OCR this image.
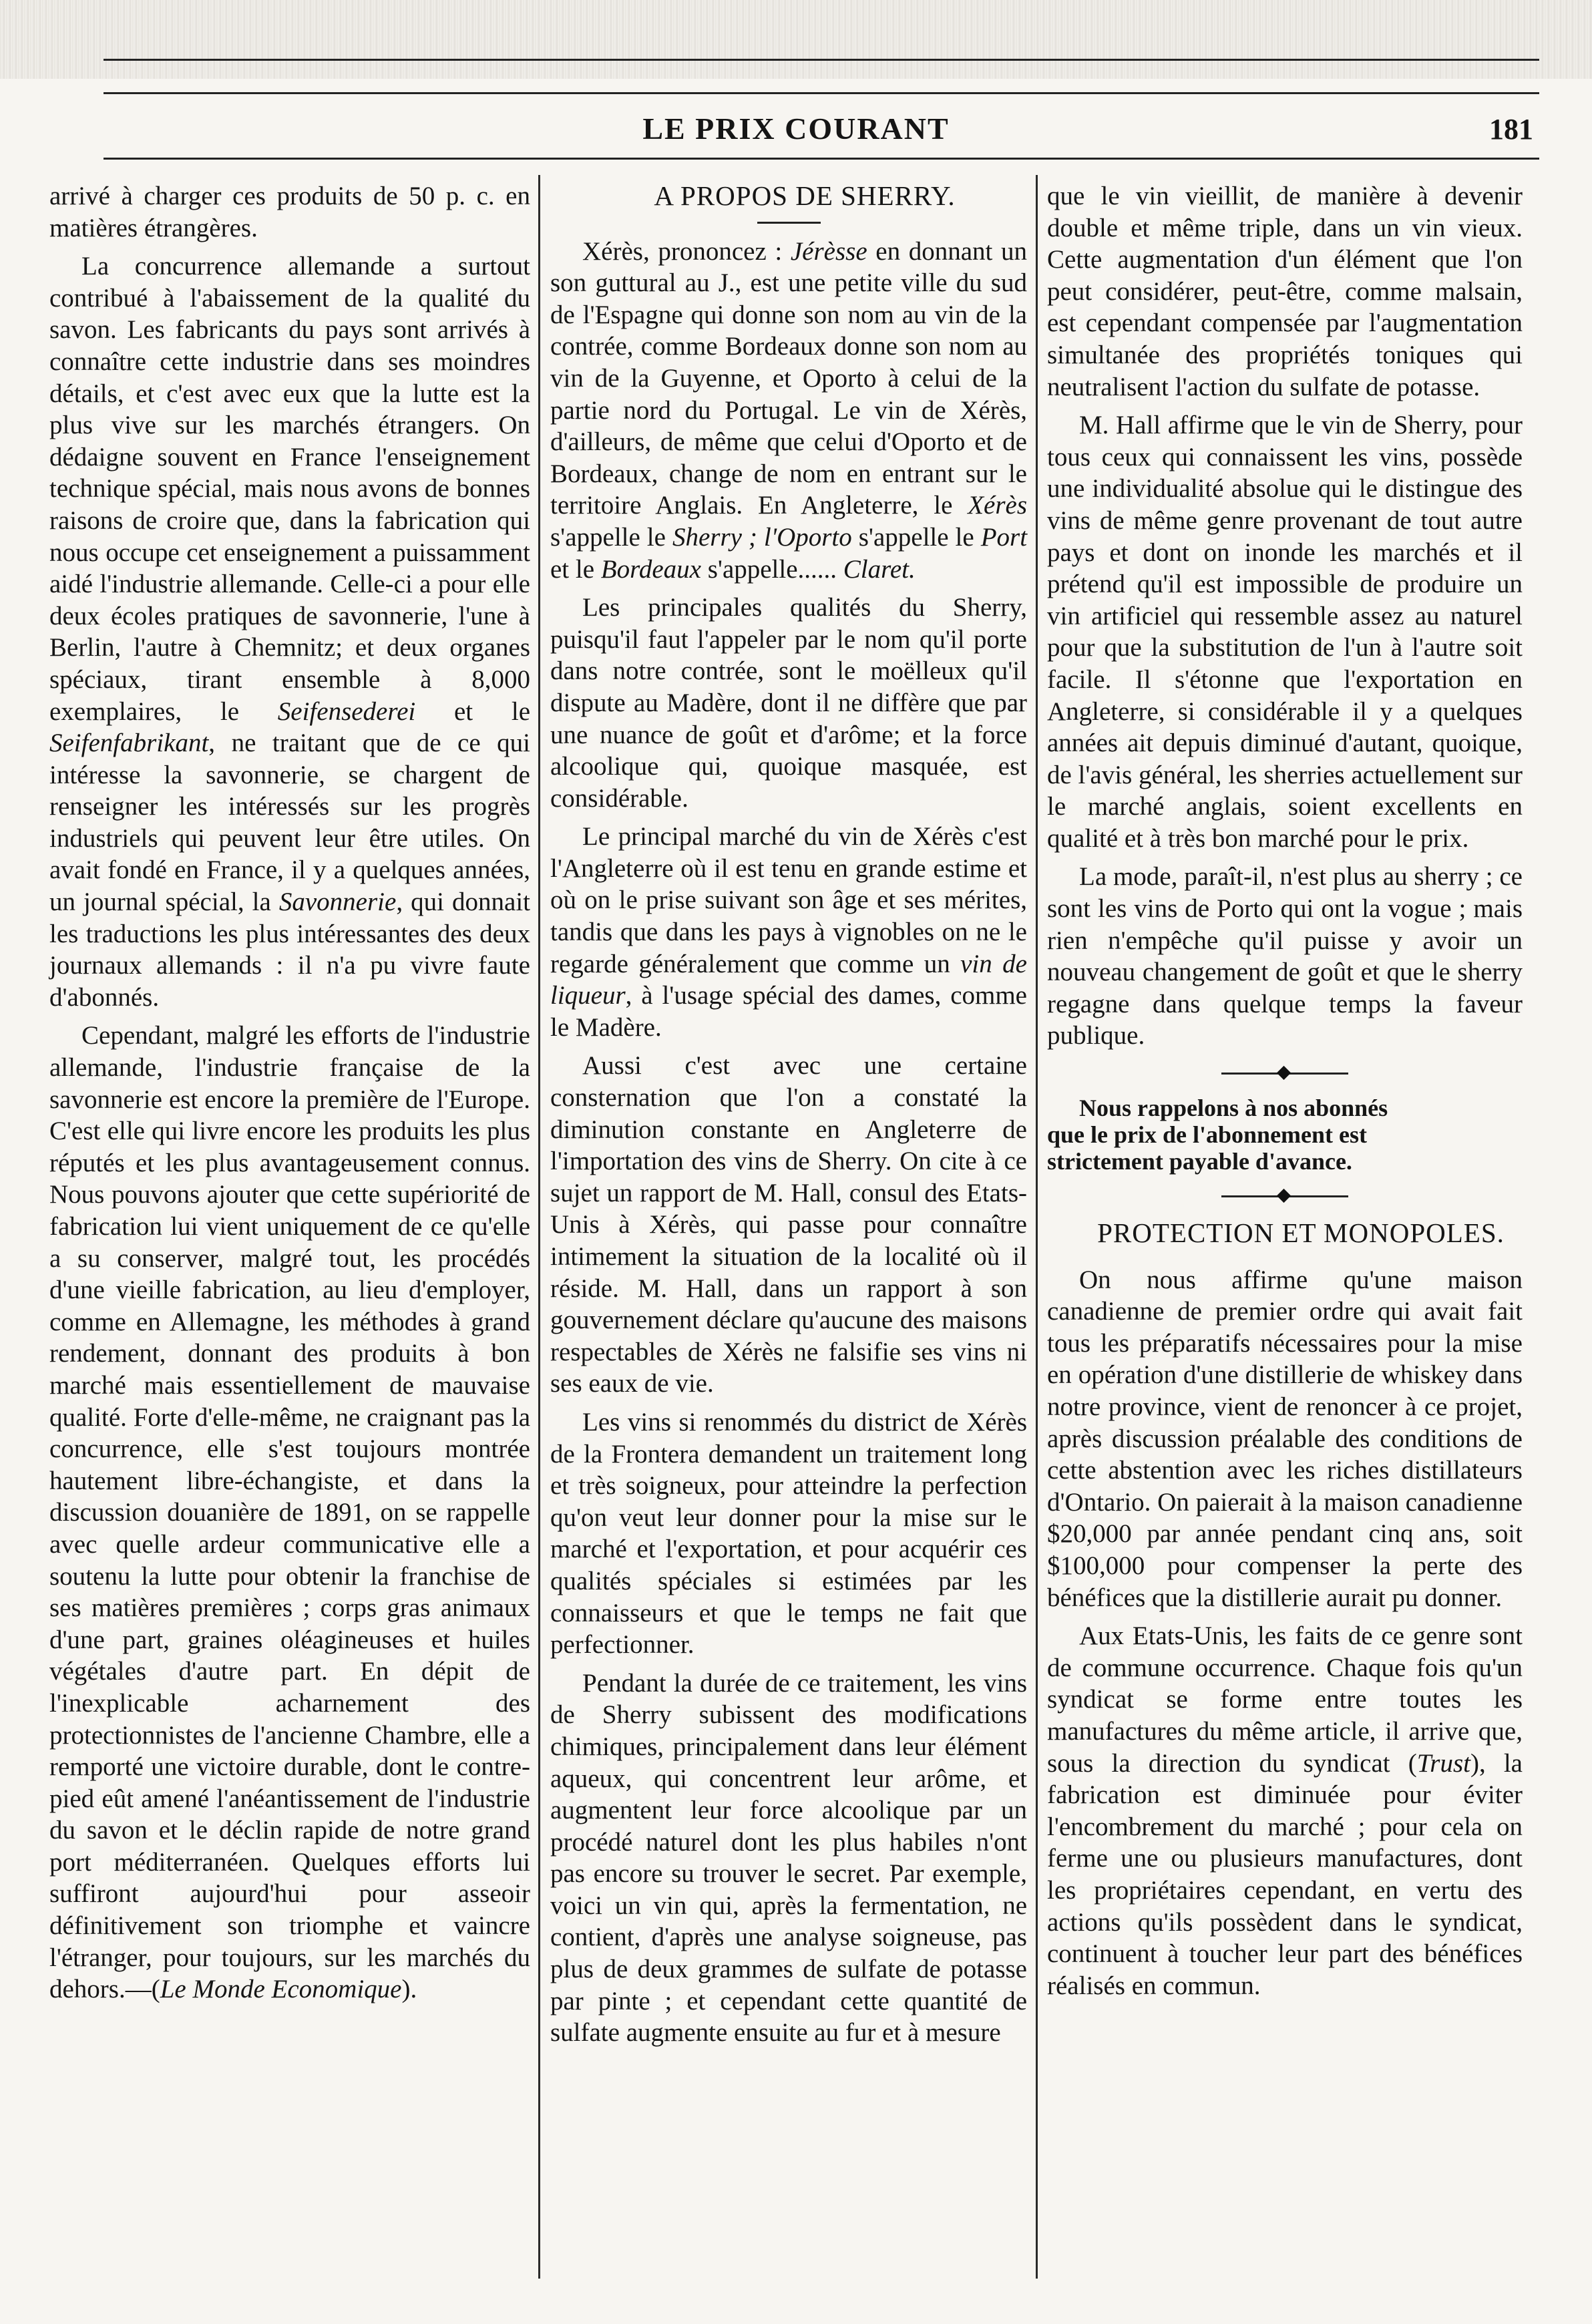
LE PRIX COURANT	181

arrivé à charger ces produits de 50 p. c. en matières étrangères.

La concurrence allemande a surtout contribué à l'abaissement de la qualité du savon. Les fabricants du pays sont arrivés à connaître cette industrie dans ses moindres détails, et c'est avec eux que la lutte est la plus vive sur les marchés étrangers. On dédaigne souvent en France l'enseignement technique spécial, mais nous avons de bonnes raisons de croire que, dans la fabrication qui nous occupe cet enseignement a puissamment aidé l'industrie allemande. Celle-ci a pour elle deux écoles pratiques de savonnerie, l'une à Berlin, l'autre à Chemnitz; et deux organes spéciaux, tirant ensemble à 8,000 exemplaires, le Seifensederei et le Seifenfabrikant, ne traitant que de ce qui intéresse la savonnerie, se chargent de renseigner les intéressés sur les progrès industriels qui peuvent leur être utiles. On avait fondé en France, il y a quelques années, un journal spécial, la Savonnerie, qui donnait les traductions les plus intéressantes des deux journaux allemands : il n'a pu vivre faute d'abonnés.

Cependant, malgré les efforts de l'industrie allemande, l'industrie française de la savonnerie est encore la première de l'Europe. C'est elle qui livre encore les produits les plus réputés et les plus avantageusement connus. Nous pouvons ajouter que cette supériorité de fabrication lui vient uniquement de ce qu'elle a su conserver, malgré tout, les procédés d'une vieille fabrication, au lieu d'employer, comme en Allemagne, les méthodes à grand rendement, donnant des produits à bon marché mais essentiellement de mauvaise qualité. Forte d'elle-même, ne craignant pas la concurrence, elle s'est toujours montrée hautement libre-échangiste, et dans la discussion douanière de 1891, on se rappelle avec quelle ardeur communicative elle a soutenu la lutte pour obtenir la franchise de ses matières premières ; corps gras animaux d'une part, graines oléagineuses et huiles végétales d'autre part. En dépit de l'inexplicable acharnement des protectionnistes de l'ancienne Chambre, elle a remporté une victoire durable, dont le contre-pied eût amené l'anéantissement de l'industrie du savon et le déclin rapide de notre grand port méditerranéen. Quelques efforts lui suffiront aujourd'hui pour asseoir définitivement son triomphe et vaincre l'étranger, pour toujours, sur les marchés du dehors.—(Le Monde Economique).

A PROPOS DE SHERRY.

Xérès, prononcez : Jérèsse en donnant un son guttural au J., est une petite ville du sud de l'Espagne qui donne son nom au vin de la contrée, comme Bordeaux donne son nom au vin de la Guyenne, et Oporto à celui de la partie nord du Portugal. Le vin de Xérès, d'ailleurs, de même que celui d'Oporto et de Bordeaux, change de nom en entrant sur le territoire Anglais. En Angleterre, le Xérès s'appelle le Sherry ; l'Oporto s'appelle le Port et le Bordeaux s'appelle...... Claret.

Les principales qualités du Sherry, puisqu'il faut l'appeler par le nom qu'il porte dans notre contrée, sont le moëlleux qu'il dispute au Madère, dont il ne diffère que par une nuance de goût et d'arôme; et la force alcoolique qui, quoique masquée, est considérable.

Le principal marché du vin de Xérès c'est l'Angleterre où il est tenu en grande estime et où on le prise suivant son âge et ses mérites, tandis que dans les pays à vignobles on ne le regarde généralement que comme un vin de liqueur, à l'usage spécial des dames, comme le Madère.

Aussi c'est avec une certaine consternation que l'on a constaté la diminution constante en Angleterre de l'importation des vins de Sherry. On cite à ce sujet un rapport de M. Hall, consul des Etats-Unis à Xérès, qui passe pour connaître intimement la situation de la localité où il réside. M. Hall, dans un rapport à son gouvernement déclare qu'aucune des maisons respectables de Xérès ne falsifie ses vins ni ses eaux de vie.

Les vins si renommés du district de Xérès de la Frontera demandent un traitement long et très soigneux, pour atteindre la perfection qu'on veut leur donner pour la mise sur le marché et l'exportation, et pour acquérir ces qualités spéciales si estimées par les connaisseurs et que le temps ne fait que perfectionner.

Pendant la durée de ce traitement, les vins de Sherry subissent des modifications chimiques, principalement dans leur élément aqueux, qui concentrent leur arôme, et augmentent leur force alcoolique par un procédé naturel dont les plus habiles n'ont pas encore su trouver le secret. Par exemple, voici un vin qui, après la fermentation, ne contient, d'après une analyse soigneuse, pas plus de deux grammes de sulfate de potasse par pinte ; et cependant cette quantité de sulfate augmente ensuite au fur et à mesure

que le vin vieillit, de manière à devenir double et même triple, dans un vin vieux. Cette augmentation d'un élément que l'on peut considérer, peut-être, comme malsain, est cependant compensée par l'augmentation simultanée des propriétés toniques qui neutralisent l'action du sulfate de potasse.

M. Hall affirme que le vin de Sherry, pour tous ceux qui connaissent les vins, possède une individualité absolue qui le distingue des vins de même genre provenant de tout autre pays et dont on inonde les marchés et il prétend qu'il est impossible de produire un vin artificiel qui ressemble assez au naturel pour que la substitution de l'un à l'autre soit facile. Il s'étonne que l'exportation en Angleterre, si considérable il y a quelques années ait depuis diminué d'autant, quoique, de l'avis général, les sherries actuellement sur le marché anglais, soient excellents en qualité et à très bon marché pour le prix.

La mode, paraît-il, n'est plus au sherry ; ce sont les vins de Porto qui ont la vogue ; mais rien n'empêche qu'il puisse y avoir un nouveau changement de goût et que le sherry regagne dans quelque temps la faveur publique.

Nous rappelons à nos abonnés
que le prix de l'abonnement est
strictement payable d'avance.

PROTECTION ET MONOPOLES.

On nous affirme qu'une maison canadienne de premier ordre qui avait fait tous les préparatifs nécessaires pour la mise en opération d'une distillerie de whiskey dans notre province, vient de renoncer à ce projet, après discussion préalable des conditions de cette abstention avec les riches distillateurs d'Ontario. On paierait à la maison canadienne $20,000 par année pendant cinq ans, soit $100,000 pour compenser la perte des bénéfices que la distillerie aurait pu donner.

Aux Etats-Unis, les faits de ce genre sont de commune occurrence. Chaque fois qu'un syndicat se forme entre toutes les manufactures du même article, il arrive que, sous la direction du syndicat (Trust), la fabrication est diminuée pour éviter l'encombrement du marché ; pour cela on ferme une ou plusieurs manufactures, dont les propriétaires cependant, en vertu des actions qu'ils possèdent dans le syndicat, continuent à toucher leur part des bénéfices réalisés en commun.
